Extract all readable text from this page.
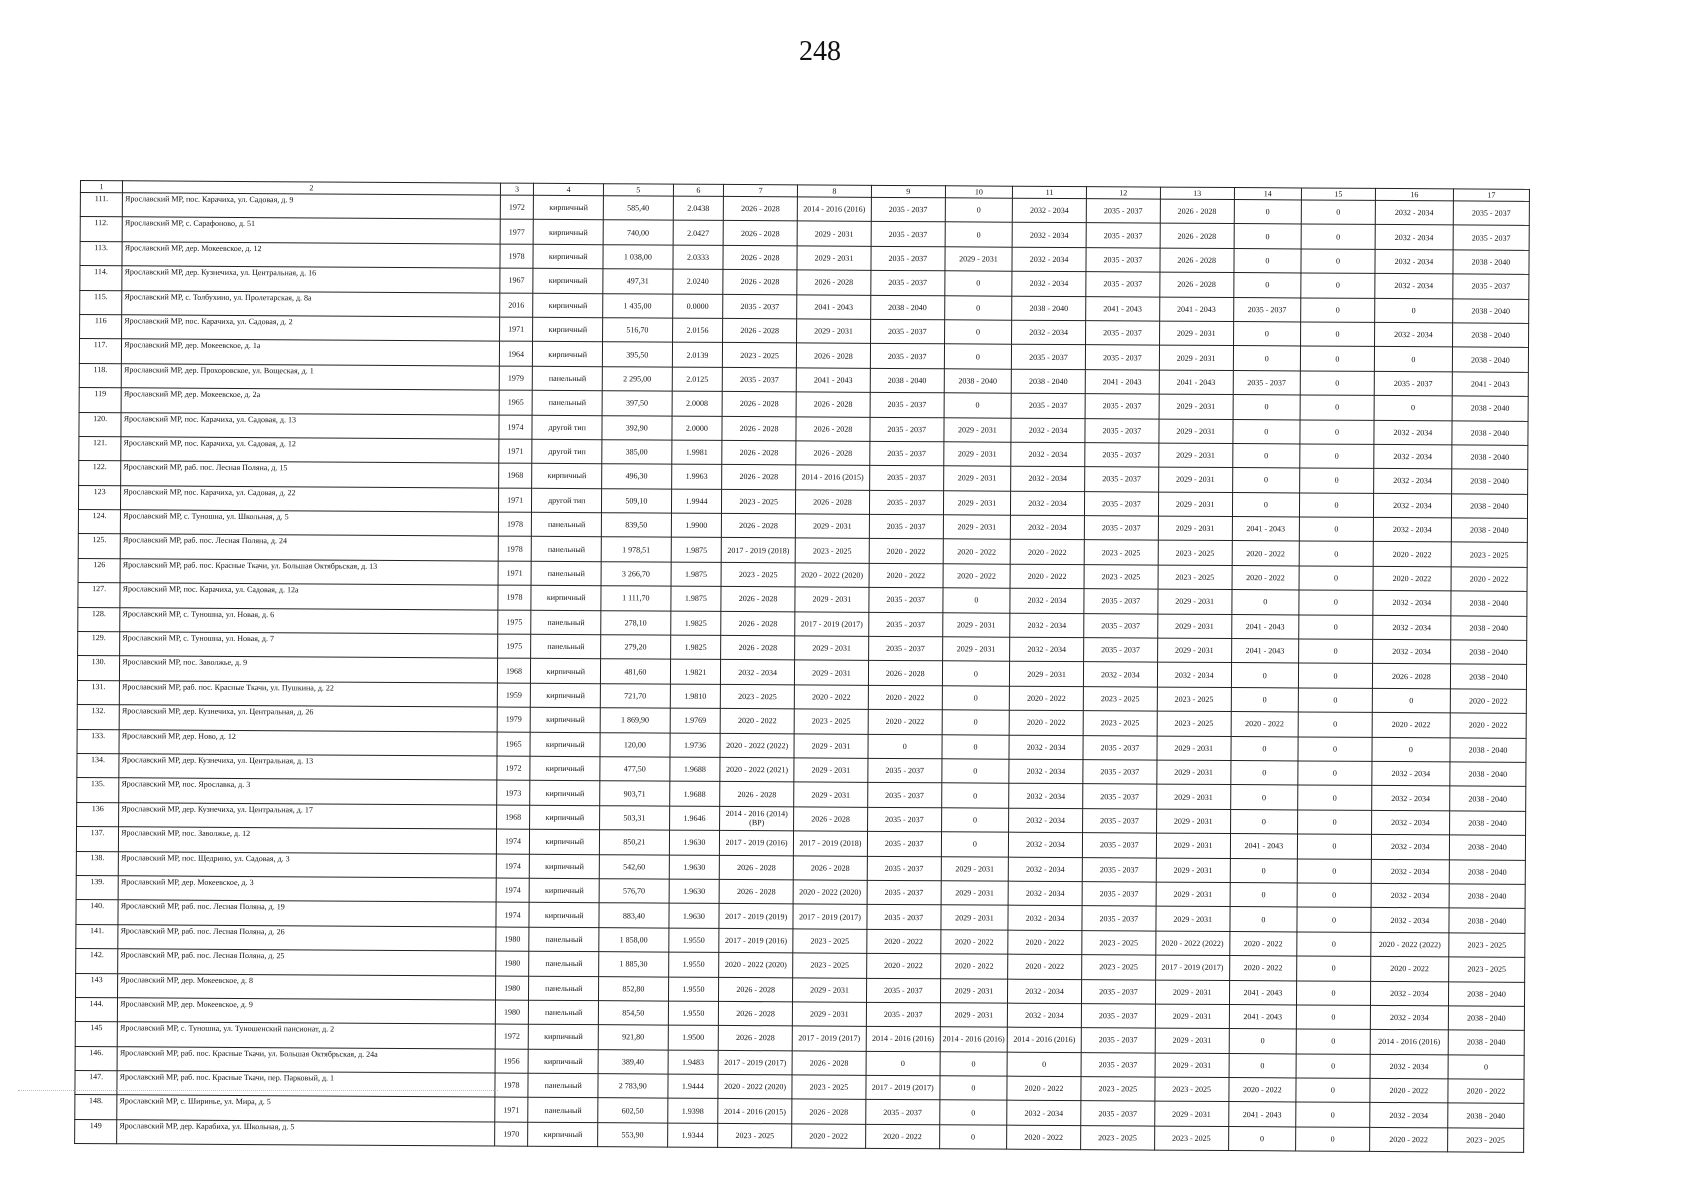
248
1	2	3	4	5	6	7	8	9	10	11	12	13	14	15	16	17
111.	Ярославский МР, пос. Карачиха, ул. Садовая, д. 9	1972	кирпичный	585,40	2.0438	2026 - 2028	2014 - 2016 (2016)	2035 - 2037	0	2032 - 2034	2035 - 2037	2026 - 2028	0	0	2032 - 2034	2035 - 2037
112.	Ярославский МР, с. Сарафоново, д. 51	1977	кирпичный	740,00	2.0427	2026 - 2028	2029 - 2031	2035 - 2037	0	2032 - 2034	2035 - 2037	2026 - 2028	0	0	2032 - 2034	2035 - 2037
113.	Ярославский МР, дер. Мокеевское, д. 12	1978	кирпичный	1 038,00	2.0333	2026 - 2028	2029 - 2031	2035 - 2037	2029 - 2031	2032 - 2034	2035 - 2037	2026 - 2028	0	0	2032 - 2034	2038 - 2040
114.	Ярославский МР, дер. Кузнечиха, ул. Центральная, д. 16	1967	кирпичный	497,31	2.0240	2026 - 2028	2026 - 2028	2035 - 2037	0	2032 - 2034	2035 - 2037	2026 - 2028	0	0	2032 - 2034	2035 - 2037
115.	Ярославский МР, с. Толбухино, ул. Пролетарская, д. 8а	2016	кирпичный	1 435,00	0.0000	2035 - 2037	2041 - 2043	2038 - 2040	0	2038 - 2040	2041 - 2043	2041 - 2043	2035 - 2037	0	0	2038 - 2040
116	Ярославский МР, пос. Карачиха, ул. Садовая, д. 2	1971	кирпичный	516,70	2.0156	2026 - 2028	2029 - 2031	2035 - 2037	0	2032 - 2034	2035 - 2037	2029 - 2031	0	0	2032 - 2034	2038 - 2040
117.	Ярославский МР, дер. Мокеевское, д. 1а	1964	кирпичный	395,50	2.0139	2023 - 2025	2026 - 2028	2035 - 2037	0	2035 - 2037	2035 - 2037	2029 - 2031	0	0	0	2038 - 2040
118.	Ярославский МР, дер. Прохоровское, ул. Вощеская, д. 1	1979	панельный	2 295,00	2.0125	2035 - 2037	2041 - 2043	2038 - 2040	2038 - 2040	2038 - 2040	2041 - 2043	2041 - 2043	2035 - 2037	0	2035 - 2037	2041 - 2043
119	Ярославский МР, дер. Мокеевское, д. 2а	1965	панельный	397,50	2.0008	2026 - 2028	2026 - 2028	2035 - 2037	0	2035 - 2037	2035 - 2037	2029 - 2031	0	0	0	2038 - 2040
120.	Ярославский МР, пос. Карачиха, ул. Садовая, д. 13	1974	другой тип	392,90	2.0000	2026 - 2028	2026 - 2028	2035 - 2037	2029 - 2031	2032 - 2034	2035 - 2037	2029 - 2031	0	0	2032 - 2034	2038 - 2040
121.	Ярославский МР, пос. Карачиха, ул. Садовая, д. 12	1971	другой тип	385,00	1.9981	2026 - 2028	2026 - 2028	2035 - 2037	2029 - 2031	2032 - 2034	2035 - 2037	2029 - 2031	0	0	2032 - 2034	2038 - 2040
122.	Ярославский МР, раб. пос. Лесная Поляна, д. 15	1968	кирпичный	496,30	1.9963	2026 - 2028	2014 - 2016 (2015)	2035 - 2037	2029 - 2031	2032 - 2034	2035 - 2037	2029 - 2031	0	0	2032 - 2034	2038 - 2040
123	Ярославский МР, пос. Карачиха, ул. Садовая, д. 22	1971	другой тип	509,10	1.9944	2023 - 2025	2026 - 2028	2035 - 2037	2029 - 2031	2032 - 2034	2035 - 2037	2029 - 2031	0	0	2032 - 2034	2038 - 2040
124.	Ярославский МР, с. Туношна, ул. Школьная, д. 5	1978	панельный	839,50	1.9900	2026 - 2028	2029 - 2031	2035 - 2037	2029 - 2031	2032 - 2034	2035 - 2037	2029 - 2031	2041 - 2043	0	2032 - 2034	2038 - 2040
125.	Ярославский МР, раб. пос. Лесная Поляна, д. 24	1978	панельный	1 978,51	1.9875	2017 - 2019 (2018)	2023 - 2025	2020 - 2022	2020 - 2022	2020 - 2022	2023 - 2025	2023 - 2025	2020 - 2022	0	2020 - 2022	2023 - 2025
126	Ярославский МР, раб. пос. Красные Ткачи, ул. Большая Октябрьская, д. 13	1971	панельный	3 266,70	1.9875	2023 - 2025	2020 - 2022 (2020)	2020 - 2022	2020 - 2022	2020 - 2022	2023 - 2025	2023 - 2025	2020 - 2022	0	2020 - 2022	2020 - 2022
127.	Ярославский МР, пос. Карачиха, ул. Садовая, д. 12а	1978	кирпичный	1 111,70	1.9875	2026 - 2028	2029 - 2031	2035 - 2037	0	2032 - 2034	2035 - 2037	2029 - 2031	0	0	2032 - 2034	2038 - 2040
128.	Ярославский МР, с. Туношна, ул. Новая, д. 6	1975	панельный	278,10	1.9825	2026 - 2028	2017 - 2019 (2017)	2035 - 2037	2029 - 2031	2032 - 2034	2035 - 2037	2029 - 2031	2041 - 2043	0	2032 - 2034	2038 - 2040
129.	Ярославский МР, с. Туношна, ул. Новая, д. 7	1975	панельный	279,20	1.9825	2026 - 2028	2029 - 2031	2035 - 2037	2029 - 2031	2032 - 2034	2035 - 2037	2029 - 2031	2041 - 2043	0	2032 - 2034	2038 - 2040
130.	Ярославский МР, пос. Заволжье, д. 9	1968	кирпичный	481,60	1.9821	2032 - 2034	2029 - 2031	2026 - 2028	0	2029 - 2031	2032 - 2034	2032 - 2034	0	0	2026 - 2028	2038 - 2040
131.	Ярославский МР, раб. пос. Красные Ткачи, ул. Пушкина, д. 22	1959	кирпичный	721,70	1.9810	2023 - 2025	2020 - 2022	2020 - 2022	0	2020 - 2022	2023 - 2025	2023 - 2025	0	0	0	2020 - 2022
132.	Ярославский МР, дер. Кузнечиха, ул. Центральная, д. 26	1979	кирпичный	1 869,90	1.9769	2020 - 2022	2023 - 2025	2020 - 2022	0	2020 - 2022	2023 - 2025	2023 - 2025	2020 - 2022	0	2020 - 2022	2020 - 2022
133.	Ярославский МР, дер. Ново, д. 12	1965	кирпичный	120,00	1.9736	2020 - 2022 (2022)	2029 - 2031	0	0	2032 - 2034	2035 - 2037	2029 - 2031	0	0	0	2038 - 2040
134.	Ярославский МР, дер. Кузнечиха, ул. Центральная, д. 13	1972	кирпичный	477,50	1.9688	2020 - 2022 (2021)	2029 - 2031	2035 - 2037	0	2032 - 2034	2035 - 2037	2029 - 2031	0	0	2032 - 2034	2038 - 2040
135.	Ярославский МР, пос. Ярославка, д. 3	1973	кирпичный	903,71	1.9688	2026 - 2028	2029 - 2031	2035 - 2037	0	2032 - 2034	2035 - 2037	2029 - 2031	0	0	2032 - 2034	2038 - 2040
136	Ярославский МР, дер. Кузнечиха, ул. Центральная, д. 17	1968	кирпичный	503,31	1.9646	2014 - 2016 (2014) (ВР)	2026 - 2028	2035 - 2037	0	2032 - 2034	2035 - 2037	2029 - 2031	0	0	2032 - 2034	2038 - 2040
137.	Ярославский МР, пос. Заволжье, д. 12	1974	кирпичный	850,21	1.9630	2017 - 2019 (2016)	2017 - 2019 (2018)	2035 - 2037	0	2032 - 2034	2035 - 2037	2029 - 2031	2041 - 2043	0	2032 - 2034	2038 - 2040
138.	Ярославский МР, пос. Щедрино, ул. Садовая, д. 3	1974	кирпичный	542,60	1.9630	2026 - 2028	2026 - 2028	2035 - 2037	2029 - 2031	2032 - 2034	2035 - 2037	2029 - 2031	0	0	2032 - 2034	2038 - 2040
139.	Ярославский МР, дер. Мокеевское, д. 3	1974	кирпичный	576,70	1.9630	2026 - 2028	2020 - 2022 (2020)	2035 - 2037	2029 - 2031	2032 - 2034	2035 - 2037	2029 - 2031	0	0	2032 - 2034	2038 - 2040
140.	Ярославский МР, раб. пос. Лесная Поляна, д. 19	1974	кирпичный	883,40	1.9630	2017 - 2019 (2019)	2017 - 2019 (2017)	2035 - 2037	2029 - 2031	2032 - 2034	2035 - 2037	2029 - 2031	0	0	2032 - 2034	2038 - 2040
141.	Ярославский МР, раб. пос. Лесная Поляна, д. 26	1980	панельный	1 858,00	1.9550	2017 - 2019 (2016)	2023 - 2025	2020 - 2022	2020 - 2022	2020 - 2022	2023 - 2025	2020 - 2022 (2022)	2020 - 2022	0	2020 - 2022 (2022)	2023 - 2025
142.	Ярославский МР, раб. пос. Лесная Поляна, д. 25	1980	панельный	1 885,30	1.9550	2020 - 2022 (2020)	2023 - 2025	2020 - 2022	2020 - 2022	2020 - 2022	2023 - 2025	2017 - 2019 (2017)	2020 - 2022	0	2020 - 2022	2023 - 2025
143	Ярославский МР, дер. Мокеевское, д. 8	1980	панельный	852,80	1.9550	2026 - 2028	2029 - 2031	2035 - 2037	2029 - 2031	2032 - 2034	2035 - 2037	2029 - 2031	2041 - 2043	0	2032 - 2034	2038 - 2040
144.	Ярославский МР, дер. Мокеевское, д. 9	1980	панельный	854,50	1.9550	2026 - 2028	2029 - 2031	2035 - 2037	2029 - 2031	2032 - 2034	2035 - 2037	2029 - 2031	2041 - 2043	0	2032 - 2034	2038 - 2040
145	Ярославский МР, с. Туношна, ул. Туношенский пансионат, д. 2	1972	кирпичный	921,80	1.9500	2026 - 2028	2017 - 2019 (2017)	2014 - 2016 (2016)	2014 - 2016 (2016)	2014 - 2016 (2016)	2035 - 2037	2029 - 2031	0	0	2014 - 2016 (2016)	2038 - 2040
146.	Ярославский МР, раб. пос. Красные Ткачи, ул. Большая Октябрьская, д. 24а	1956	кирпичный	389,40	1.9483	2017 - 2019 (2017)	2026 - 2028	0	0	0	2035 - 2037	2029 - 2031	0	0	2032 - 2034	0
147.	Ярославский МР, раб. пос. Красные Ткачи, пер. Парковый, д. 1	1978	панельный	2 783,90	1.9444	2020 - 2022 (2020)	2023 - 2025	2017 - 2019 (2017)	0	2020 - 2022	2023 - 2025	2023 - 2025	2020 - 2022	0	2020 - 2022	2020 - 2022
148.	Ярославский МР, с. Ширинье, ул. Мира, д. 5	1971	панельный	602,50	1.9398	2014 - 2016 (2015)	2026 - 2028	2035 - 2037	0	2032 - 2034	2035 - 2037	2029 - 2031	2041 - 2043	0	2032 - 2034	2038 - 2040
149	Ярославский МР, дер. Карабиха, ул. Школьная, д. 5	1970	кирпичный	553,90	1.9344	2023 - 2025	2020 - 2022	2020 - 2022	0	2020 - 2022	2023 - 2025	2023 - 2025	0	0	2020 - 2022	2023 - 2025
